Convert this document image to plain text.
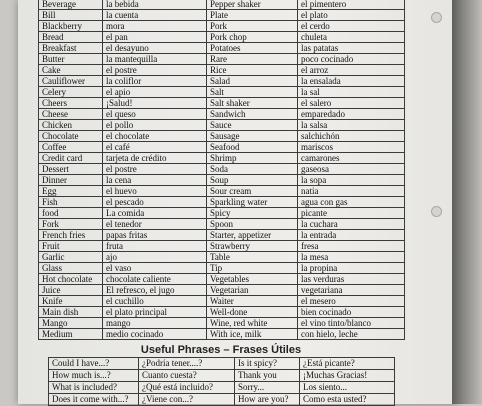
Beverage	la bebida	Pepper shaker	el pimentero
Bill	la cuenta	Plate	el plato
Blackberry	mora	Pork	el cerdo
Bread	el pan	Pork chop	chuleta
Breakfast	el desayuno	Potatoes	las patatas
Butter	la mantequilla	Rare	poco cocinado
Cake	el postre	Rice	el arroz
Cauliflower	la coliflor	Salad	la ensalada
Celery	el apio	Salt	la sal
Cheers	¡Salud!	Salt shaker	el salero
Cheese	el queso	Sandwich	emparedado
Chicken	el pollo	Sauce	la salsa
Chocolate	el chocolate	Sausage	salchichón
Coffee	el café	Seafood	mariscos
Credit card	tarjeta de crédito	Shrimp	camarones
Dessert	el postre	Soda	gaseosa
Dinner	la cena	Soup	la sopa
Egg	el huevo	Sour cream	natia
Fish	el pescado	Sparkling water	agua con gas
food	La comida	Spicy	picante
Fork	el tenedor	Spoon	la cuchara
French fries	papas fritas	Starter, appetizer	la entrada
Fruit	fruta	Strawberry	fresa
Garlic	ajo	Table	la mesa
Glass	el vaso	Tip	la propina
Hot chocolate	chocolate caliente	Vegetables	las verduras
Juice	El refresco, el jugo	Vegetarian	vegetariana
Knife	el cuchillo	Waiter	el mesero
Main dish	el plato principal	Well-done	bien cocinado
Mango	mango	Wine, red white	el vino tinto/blanco
Medium	medio cocinado	With ice, milk	con hielo, leche
Useful Phrases – Frases Útiles
Could I have...?	¿Podría tener....?	Is it spicy?	¿Está picante?
How much is...?	Cuanto cuesta?	Thank you	¡Muchas Gracias!
What is included?	¿Qué está incluido?	Sorry...	Los siento...
Does it come with...?	¿Viene con...?	How are you?	Como esta usted?
